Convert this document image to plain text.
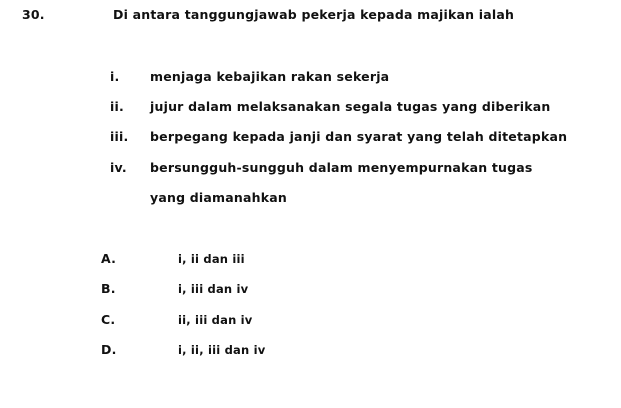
30.	Di antara tanggungjawab pekerja kepada majikan ialah
i. menjaga kebajikan rakan sekerja
ii. jujur dalam melaksanakan segala tugas yang diberikan
iii. berpegang kepada janji dan syarat yang telah ditetapkan
iv. bersungguh-sungguh dalam menyempurnakan tugas
yang diamanahkan
A.	i, ii dan iii
B.	i, iii dan iv
C.	ii, iii dan iv
D.	i, ii, iii dan iv
